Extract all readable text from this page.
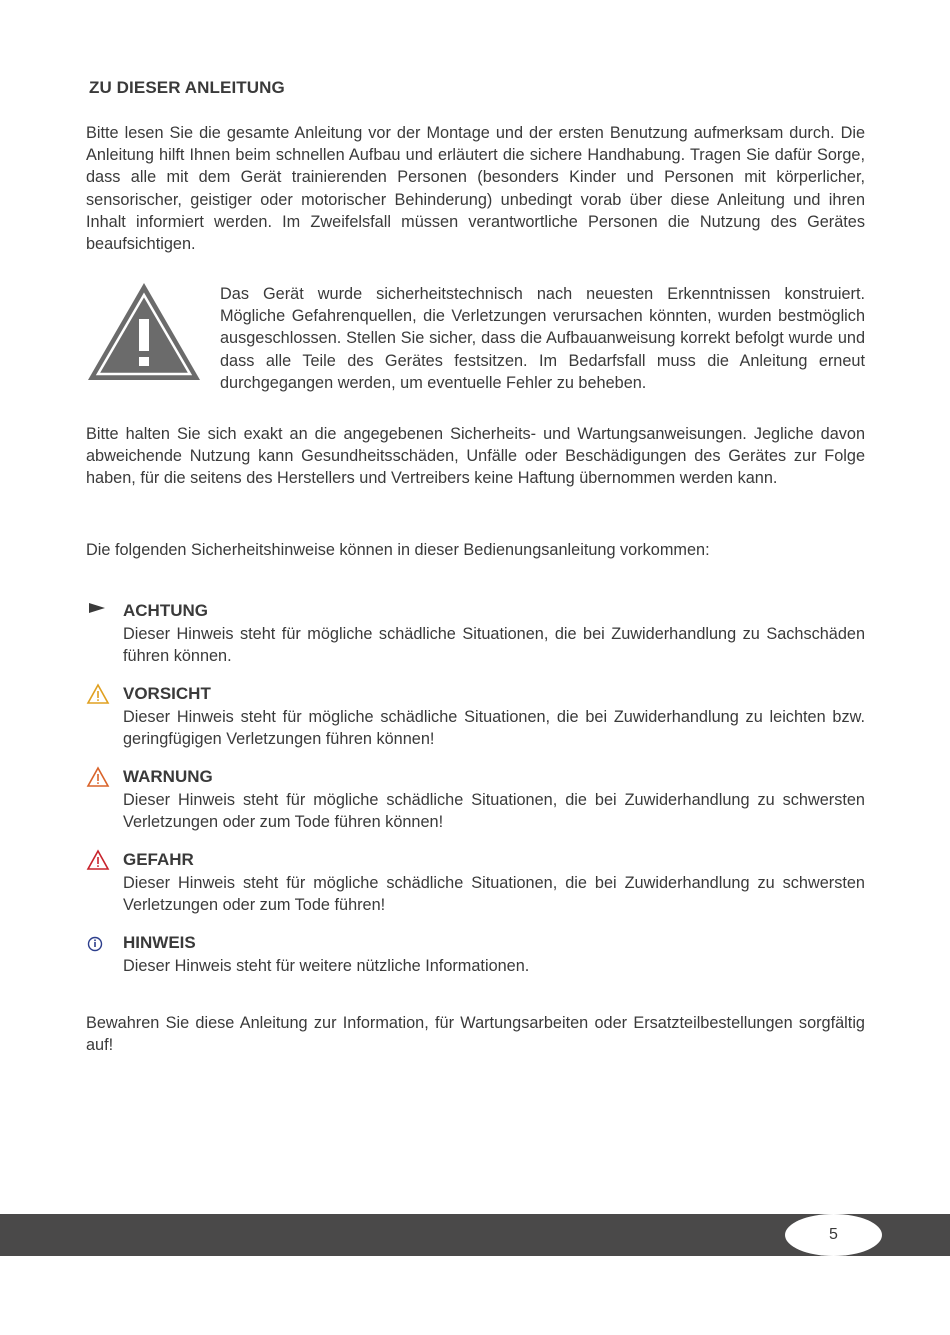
ZU DIESER ANLEITUNG

Bitte lesen Sie die gesamte Anleitung vor der Montage und der ersten Benutzung aufmerksam durch. Die Anleitung hilft Ihnen beim schnellen Aufbau und erläutert die sichere Handhabung. Tragen Sie dafür Sorge, dass alle mit dem Gerät trainierenden Personen (besonders Kinder und Personen mit körperlicher, sensorischer, geistiger oder motorischer Behinderung) unbedingt vorab über diese Anleitung und ihren Inhalt informiert werden. Im Zweifelsfall müssen verantwortliche Personen die Nutzung des Gerätes beaufsichtigen.

Das Gerät wurde sicherheitstechnisch nach neuesten Erkenntnissen konstruiert. Mögliche Gefahrenquellen, die Verletzungen verursachen könnten, wurden bestmöglich ausgeschlossen. Stellen Sie sicher, dass die Aufbauanweisung korrekt befolgt wurde und dass alle Teile des Gerätes festsitzen. Im Bedarfsfall muss die Anleitung erneut durchgegangen werden, um eventuelle Fehler zu beheben.

Bitte halten Sie sich exakt an die angegebenen Sicherheits- und Wartungsanweisungen. Jegliche davon abweichende Nutzung kann Gesundheitsschäden, Unfälle oder Beschädigungen des Gerätes zur Folge haben, für die seitens des Herstellers und Vertreibers keine Haftung übernommen werden kann.

Die folgenden Sicherheitshinweise können in dieser Bedienungsanleitung vorkommen:

ACHTUNG

Dieser Hinweis steht für mögliche schädliche Situationen, die bei Zuwiderhandlung zu Sachschäden führen können.

VORSICHT

Dieser Hinweis steht für mögliche schädliche Situationen, die bei Zuwiderhandlung zu leichten bzw. geringfügigen Verletzungen führen können!

WARNUNG

Dieser Hinweis steht für mögliche schädliche Situationen, die bei Zuwiderhandlung zu schwersten Verletzungen oder zum Tode führen können!

GEFAHR

Dieser Hinweis steht für mögliche schädliche Situationen, die bei Zuwiderhandlung zu schwersten Verletzungen oder zum Tode führen!

HINWEIS

Dieser Hinweis steht für weitere nützliche Informationen.

Bewahren Sie diese Anleitung zur Information, für Wartungsarbeiten oder Ersatzteilbestellungen sorgfältig auf!

5
